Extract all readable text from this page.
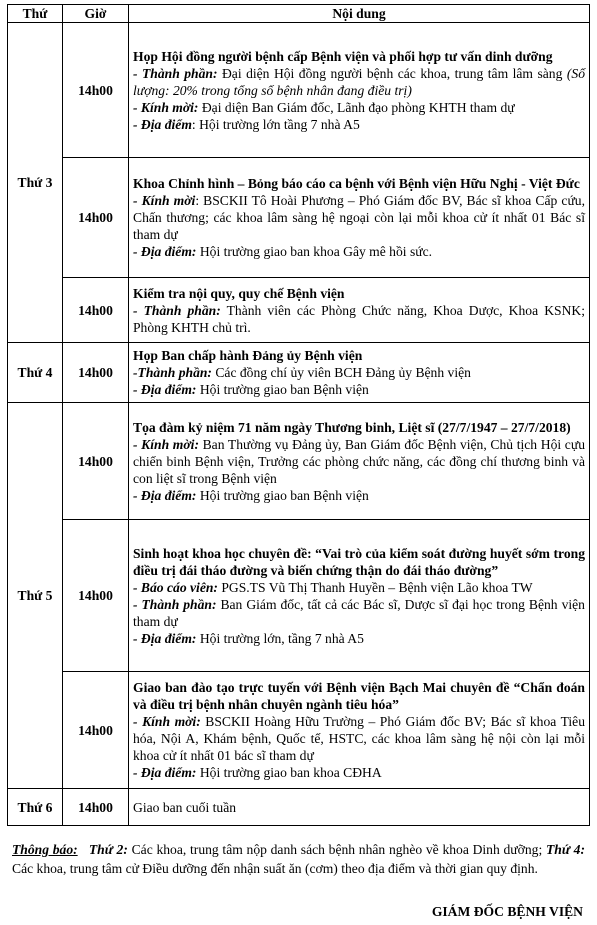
Thứ	Giờ	Nội dung
Thứ 3	14h00	Họp Hội đồng người bệnh cấp Bệnh viện và phối hợp tư vấn dinh dưỡng
- Thành phần: Đại diện Hội đồng người bệnh các khoa, trung tâm lâm sàng (Số lượng: 20% trong tổng số bệnh nhân đang điều trị)
- Kính mời: Đại diện Ban Giám đốc, Lãnh đạo phòng KHTH tham dự
- Địa điểm: Hội trường lớn tầng 7 nhà A5

	14h00	Khoa Chỉnh hình – Bỏng báo cáo ca bệnh với Bệnh viện Hữu Nghị - Việt Đức
- Kính mời: BSCKII Tô Hoài Phương – Phó Giám đốc BV, Bác sĩ khoa Cấp cứu, Chấn thương; các khoa lâm sàng hệ ngoại còn lại mỗi khoa cử ít nhất 01 Bác sĩ tham dự
- Địa điểm: Hội trường giao ban khoa Gây mê hồi sức.

	14h00	Kiểm tra nội quy, quy chế Bệnh viện
- Thành phần: Thành viên các Phòng Chức năng, Khoa Dược, Khoa KSNK; Phòng KHTH chủ trì.

Thứ 4	14h00	Họp Ban chấp hành Đảng ủy Bệnh viện
-Thành phần: Các đồng chí ủy viên BCH Đảng ủy Bệnh viện
- Địa điểm: Hội trường giao ban Bệnh viện

Thứ 5	14h00	Tọa đàm kỷ niệm 71 năm ngày Thương binh, Liệt sĩ (27/7/1947 – 27/7/2018)
- Kính mời: Ban Thường vụ Đảng ủy, Ban Giám đốc Bệnh viện, Chủ tịch Hội cựu chiến binh Bệnh viện, Trưởng các phòng chức năng, các đồng chí thương binh và con liệt sĩ trong Bệnh viện
- Địa điểm: Hội trường giao ban Bệnh viện

	14h00	Sinh hoạt khoa học chuyên đề: “Vai trò của kiểm soát đường huyết sớm trong điều trị đái tháo đường và biến chứng thận do đái tháo đường”
- Báo cáo viên: PGS.TS Vũ Thị Thanh Huyền – Bệnh viện Lão khoa TW
- Thành phần: Ban Giám đốc, tất cả các Bác sĩ, Dược sĩ đại học trong Bệnh viện tham dự
- Địa điểm: Hội trường lớn, tầng 7 nhà A5

	14h00	Giao ban đào tạo trực tuyến với Bệnh viện Bạch Mai chuyên đề “Chẩn đoán và điều trị bệnh nhân chuyên ngành tiêu hóa”
- Kính mời: BSCKII Hoàng Hữu Trường – Phó Giám đốc BV; Bác sĩ khoa Tiêu hóa, Nội A, Khám bệnh, Quốc tế, HSTC, các khoa lâm sàng hệ nội còn lại mỗi khoa cử ít nhất 01 bác sĩ tham dự
- Địa điểm: Hội trường giao ban khoa CĐHA

Thứ 6	14h00	Giao ban cuối tuần
Thông báo: Thứ 2: Các khoa, trung tâm nộp danh sách bệnh nhân nghèo về khoa Dinh dưỡng; Thứ 4: Các khoa, trung tâm cử Điều dưỡng đến nhận suất ăn (cơm) theo địa điểm và thời gian quy định.
GIÁM ĐỐC BỆNH VIỆN
